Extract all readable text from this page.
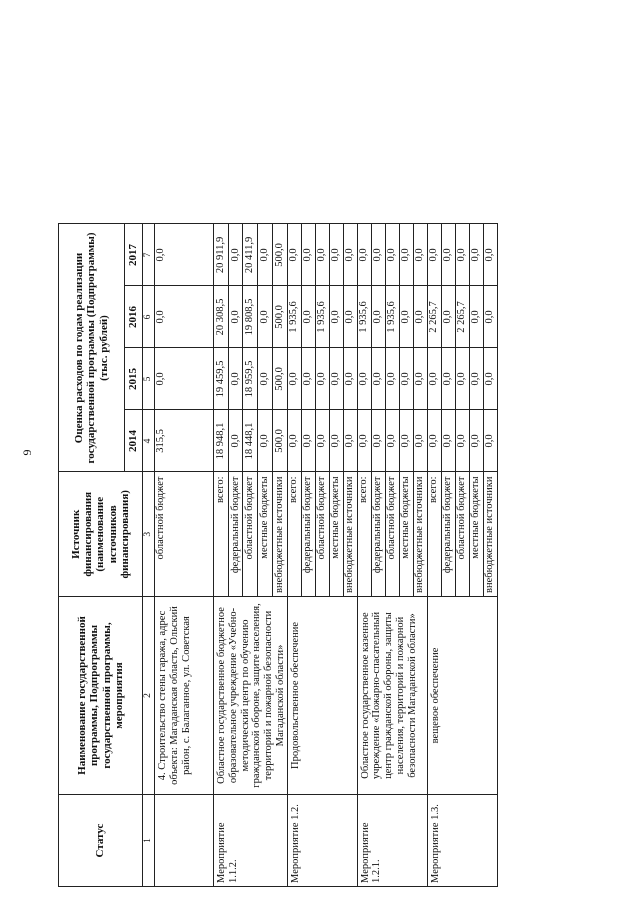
9
Статус	Наименование государственной программы, Подпрограммы государственной программы, мероприятия	Источник финансирования (наименование источников финансирования)	Оценка расходов по годам реализации государственной программы (Подпрограммы) (тыс. рублей)			
			2014	2015	2016	2017
1	2	3	4	5	6	7
	4. Строительство стены гаража, адрес объекта: Магаданская область, Ольский район, с. Балаганное, ул. Советская	областной бюджет	315,5	0,0	0,0	0,0
Мероприятие 1.1.2.	Областное государственное бюджетное образовательное учреждение «Учебно-методический центр по обучению гражданской обороне, защите населения, территорий и пожарной безопасности Магаданской области»	всего:	18 948,1	19 459,5	20 308,5	20 911,9
		федеральный бюджет	0,0	0,0	0,0	0,0
		областной бюджет	18 448,1	18 959,5	19 808,5	20 411,9
		местные бюджеты	0,0	0,0	0,0	0,0
		внебюджетные источники	500,0	500,0	500,0	500,0
Мероприятие 1.2.	Продовольственное обеспечение	всего:	0,0	0,0	1 935,6	0,0
		федеральный бюджет	0,0	0,0	0,0	0,0
		областной бюджет	0,0	0,0	1 935,6	0,0
		местные бюджеты	0,0	0,0	0,0	0,0
		внебюджетные источники	0,0	0,0	0,0	0,0
Мероприятие 1.2.1.	Областное государственное казенное учреждение «Пожарно-спасательный центр гражданской обороны, защиты населения, территорий и пожарной безопасности Магаданской области»	всего:	0,0	0,0	1 935,6	0,0
		федеральный бюджет	0,0	0,0	0,0	0,0
		областной бюджет	0,0	0,0	1 935,6	0,0
		местные бюджеты	0,0	0,0	0,0	0,0
		внебюджетные источники	0,0	0,0	0,0	0,0
Мероприятие 1.3.	вещевое обеспечение	всего:	0,0	0,0	2 265,7	0,0
		федеральный бюджет	0,0	0,0	0,0	0,0
		областной бюджет	0,0	0,0	2 265,7	0,0
		местные бюджеты	0,0	0,0	0,0	0,0
		внебюджетные источники	0,0	0,0	0,0	0,0
